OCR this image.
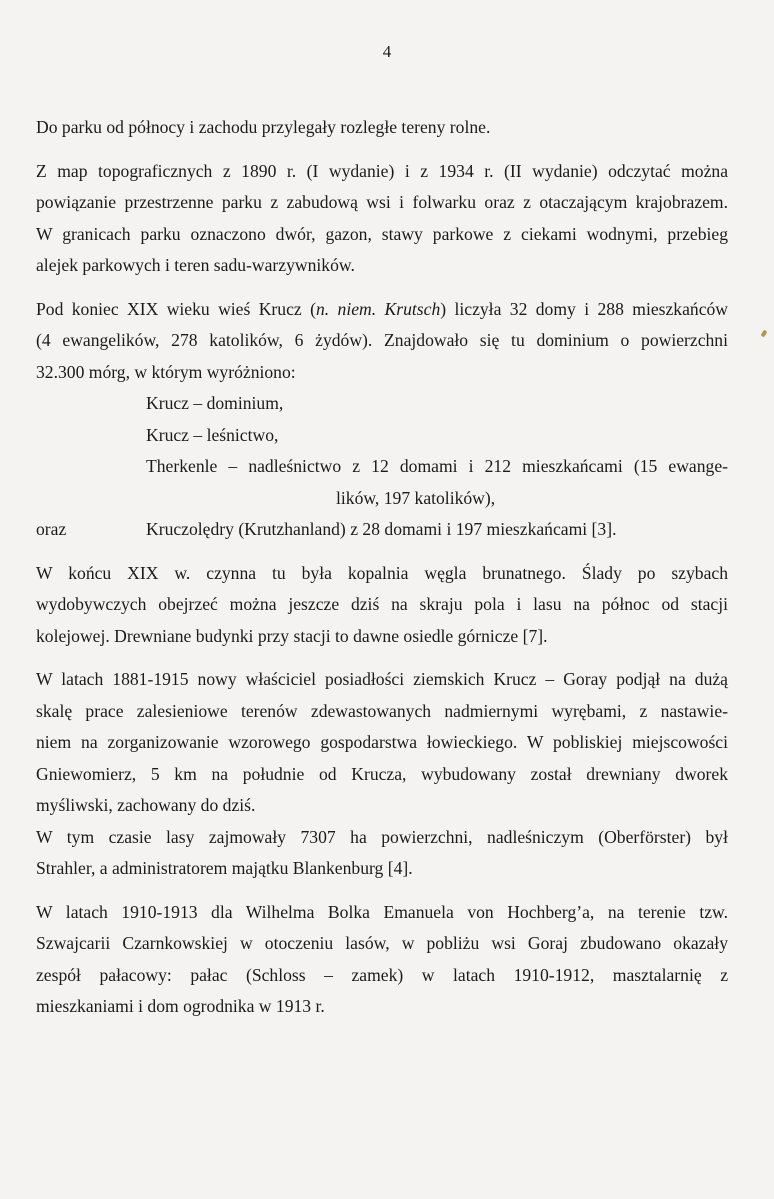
4

Do parku od północy i zachodu przylegały rozległe tereny rolne.

Z map topograficznych z 1890 r. (I wydanie) i z 1934 r. (II wydanie) odczytać można
powiązanie przestrzenne parku z zabudową wsi i folwarku oraz z otaczającym krajobrazem.
W granicach parku oznaczono dwór, gazon, stawy parkowe z ciekami wodnymi, przebieg
alejek parkowych i teren sadu-warzywników.

Pod koniec XIX wieku wieś Krucz (n. niem. Krutsch) liczyła 32 domy i 288 mieszkańców
(4 ewangelików, 278 katolików, 6 żydów). Znajdowało się tu dominium o powierzchni
32.300 mórg, w którym wyróżniono:

Krucz – dominium,
Krucz – leśnictwo,
Therkenle – nadleśnictwo z 12 domami i 212 mieszkańcami (15 ewange-
lików, 197 katolików),
oraz	Kruczolędry (Krutzhanland) z 28 domami i 197 mieszkańcami [3].

W końcu XIX w. czynna tu była kopalnia węgla brunatnego. Ślady po szybach
wydobywczych obejrzeć można jeszcze dziś na skraju pola i lasu na północ od stacji
kolejowej. Drewniane budynki przy stacji to dawne osiedle górnicze [7].

W latach 1881-1915 nowy właściciel posiadłości ziemskich Krucz – Goray podjął na dużą
skalę prace zalesieniowe terenów zdewastowanych nadmiernymi wyrębami, z nastawie-
niem na zorganizowanie wzorowego gospodarstwa łowieckiego. W pobliskiej miejscowości
Gniewomierz, 5 km na południe od Krucza, wybudowany został drewniany dworek
myśliwski, zachowany do dziś.
W tym czasie lasy zajmowały 7307 ha powierzchni, nadleśniczym (Oberförster) był
Strahler, a administratorem majątku Blankenburg [4].

W latach 1910-1913 dla Wilhelma Bolka Emanuela von Hochberg’a, na terenie tzw.
Szwajcarii Czarnkowskiej w otoczeniu lasów, w pobliżu wsi Goraj zbudowano okazały
zespół pałacowy: pałac (Schloss – zamek) w latach 1910-1912, masztalarnię z
mieszkaniami i dom ogrodnika w 1913 r.
